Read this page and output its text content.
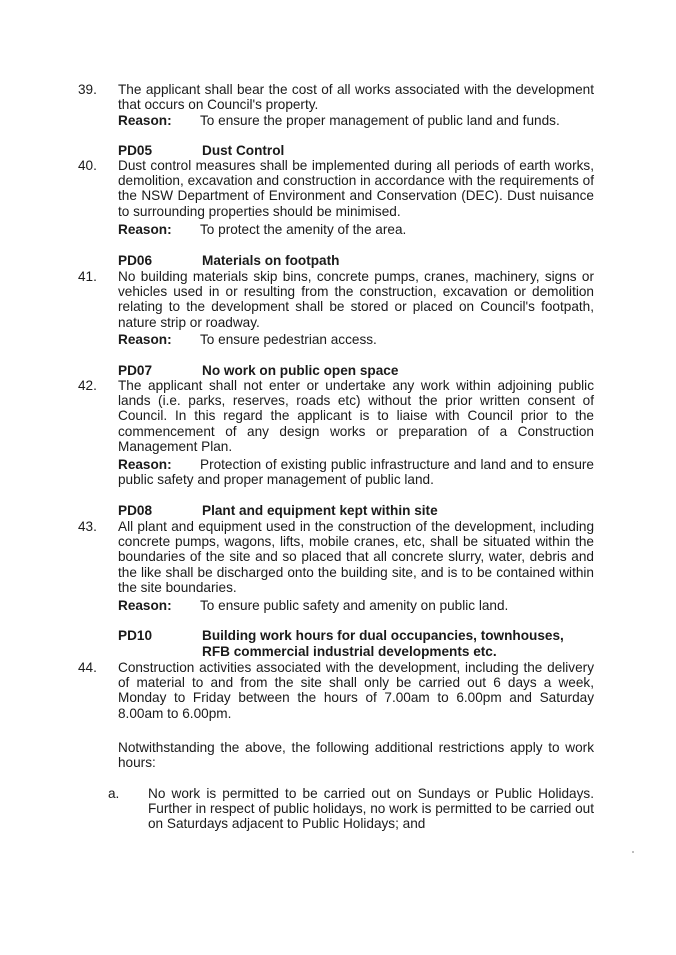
39.	The applicant shall bear the cost of all works associated with the development that occurs on Council's property.
Reason: To ensure the proper management of public land and funds.
PD05	Dust Control
40.	Dust control measures shall be implemented during all periods of earth works, demolition, excavation and construction in accordance with the requirements of the NSW Department of Environment and Conservation (DEC). Dust nuisance to surrounding properties should be minimised.
Reason: To protect the amenity of the area.
PD06	Materials on footpath
41.	No building materials skip bins, concrete pumps, cranes, machinery, signs or vehicles used in or resulting from the construction, excavation or demolition relating to the development shall be stored or placed on Council's footpath, nature strip or roadway.
Reason: To ensure pedestrian access.
PD07	No work on public open space
42.	The applicant shall not enter or undertake any work within adjoining public lands (i.e. parks, reserves, roads etc) without the prior written consent of Council. In this regard the applicant is to liaise with Council prior to the commencement of any design works or preparation of a Construction Management Plan.
Reason: Protection of existing public infrastructure and land and to ensure public safety and proper management of public land.
PD08	Plant and equipment kept within site
43.	All plant and equipment used in the construction of the development, including concrete pumps, wagons, lifts, mobile cranes, etc, shall be situated within the boundaries of the site and so placed that all concrete slurry, water, debris and the like shall be discharged onto the building site, and is to be contained within the site boundaries.
Reason: To ensure public safety and amenity on public land.
PD10	Building work hours for dual occupancies, townhouses,
RFB commercial industrial developments etc.
44.	Construction activities associated with the development, including the delivery of material to and from the site shall only be carried out 6 days a week, Monday to Friday between the hours of 7.00am to 6.00pm and Saturday 8.00am to 6.00pm.
Notwithstanding the above, the following additional restrictions apply to work hours:
a. No work is permitted to be carried out on Sundays or Public Holidays. Further in respect of public holidays, no work is permitted to be carried out on Saturdays adjacent to Public Holidays; and
